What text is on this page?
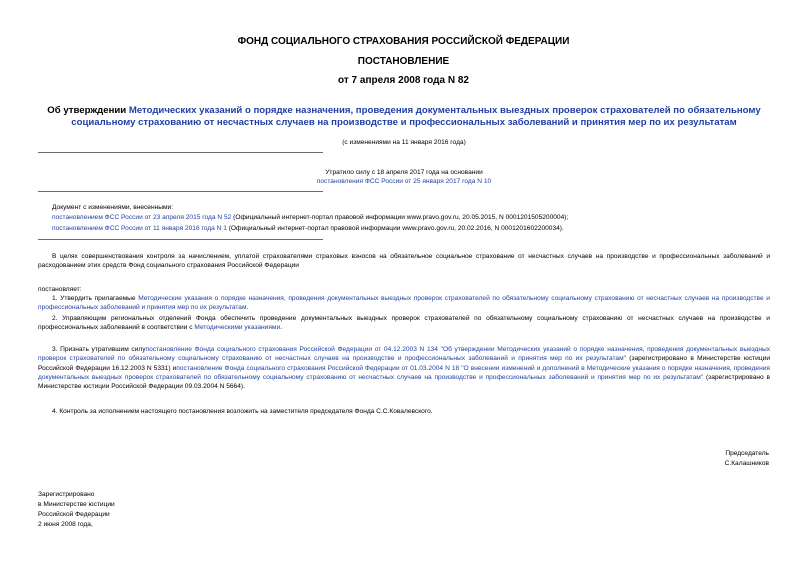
ФОНД СОЦИАЛЬНОГО СТРАХОВАНИЯ РОССИЙСКОЙ ФЕДЕРАЦИИ
ПОСТАНОВЛЕНИЕ
от 7 апреля 2008 года N 82
Об утверждении Методических указаний о порядке назначения, проведения документальных выездных проверок страхователей по обязательному социальному страхованию от несчастных случаев на производстве и профессиональных заболеваний и принятия мер по их результатам
(с изменениями на 11 января 2016 года)
Утратило силу с 18 апреля 2017 года на основании
постановления ФСС России от 25 января 2017 года N 10
Документ с изменениями, внесенными:
постановлением ФСС России от 23 апреля 2015 года N 52 (Официальный интернет-портал правовой информации www.pravo.gov.ru, 20.05.2015, N 0001201505200004);
постановлением ФСС России от 11 января 2016 года N 1 (Официальный интернет-портал правовой информации www.pravo.gov.ru, 20.02.2016, N 0001201602200034).
В целях совершенствования контроля за начислением, уплатой страхователями страховых взносов на обязательное социальное страхование от несчастных случаев на производстве и профессиональных заболеваний и расходованием этих средств Фонд социального страхования Российской Федерации
постановляет:
1. Утвердить прилагаемые Методические указания о порядке назначения, проведения документальных выездных проверок страхователей по обязательному социальному страхованию от несчастных случаев на производстве и профессиональных заболеваний и принятия мер по их результатам.
2. Управляющим региональных отделений Фонда обеспечить проведение документальных выездных проверок страхователей по обязательному социальному страхованию от несчастных случаев на производстве и профессиональных заболеваний в соответствии с Методическими указаниями.
3. Признать утратившим силупостановление Фонда социального страхования Российской Федерации от 04.12.2003 N 134 "Об утверждении Методических указаний о порядке назначения, проведения документальных выездных проверок страхователей по обязательному социальному страхованию от несчастных случаев на производстве и профессиональных заболеваний и принятия мер по их результатам" (зарегистрировано в Министерстве юстиции Российской Федерации 16.12.2003 N 5331) ипостановление Фонда социального страхования Российской Федерации от 01.03.2004 N 18 "О внесении изменений и дополнений в Методические указания о порядке назначения, проведения документальных выездных проверок страхователей по обязательному социальному страхованию от несчастных случаев на производстве и профессиональных заболеваний и принятия мер по их результатам" (зарегистрировано в Министерстве юстиции Российской Федерации 09.03.2004 N 5664).
4. Контроль за исполнением настоящего постановления возложить на заместителя председателя Фонда С.С.Ковалевского.
Председатель
С.Калашников
Зарегистрировано
в Министерстве юстиции
Российской Федерации
2 июня 2008 года,
